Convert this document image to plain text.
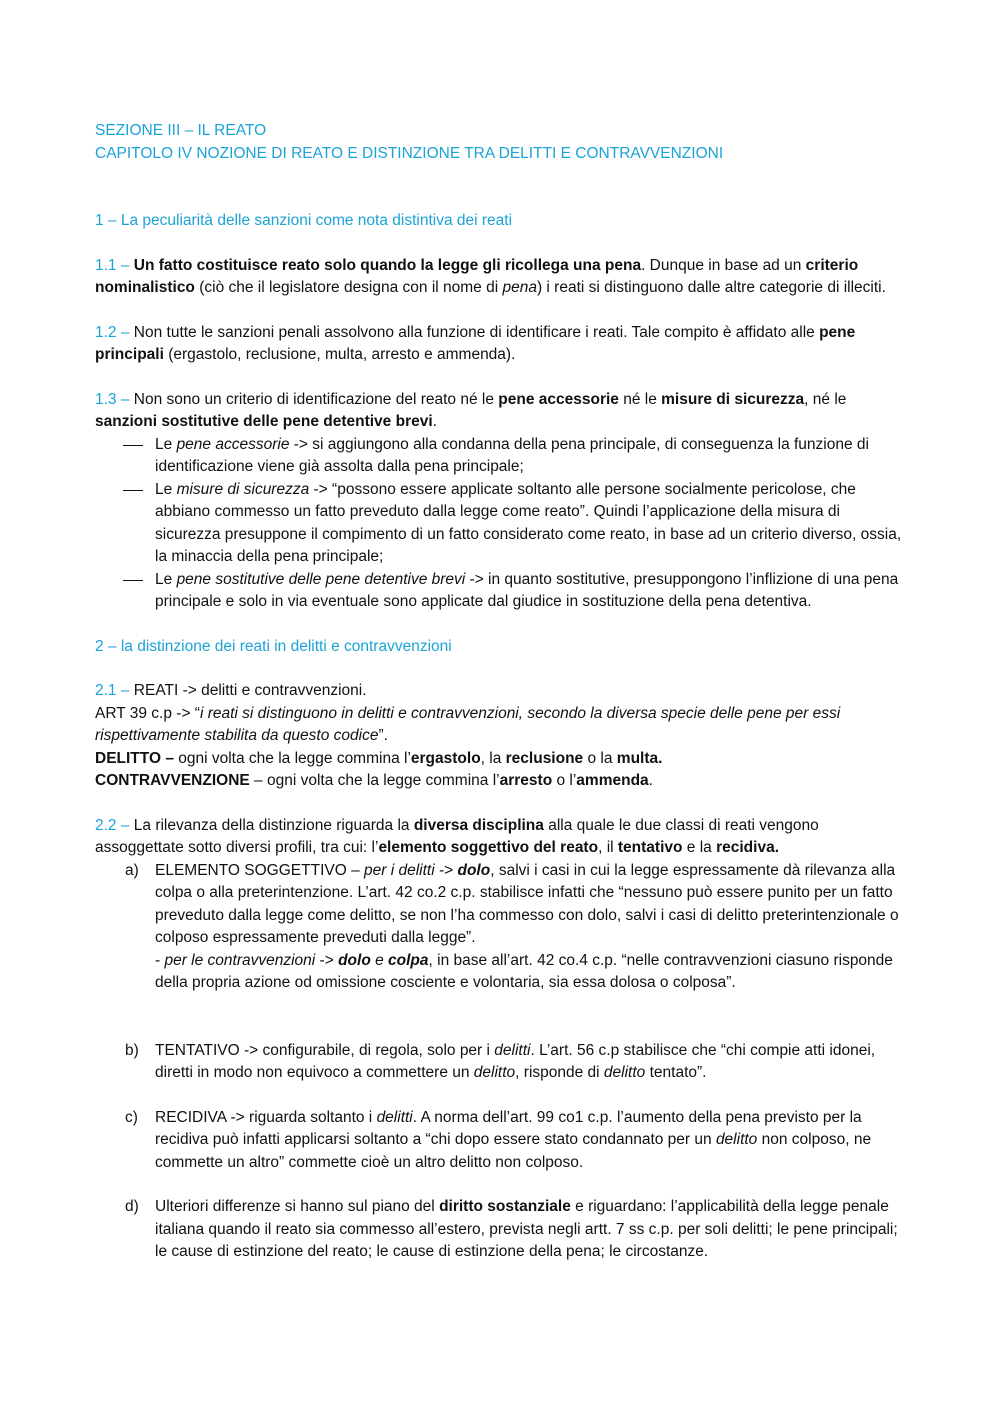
SEZIONE III – IL REATO

CAPITOLO IV NOZIONE DI REATO E DISTINZIONE TRA DELITTI E CONTRAVVENZIONI

1 – La peculiarità delle sanzioni come nota distintiva dei reati

1.1 – Un fatto costituisce reato solo quando la legge gli ricollega una pena. Dunque in base ad un criterio nominalistico (ciò che il legislatore designa con il nome di pena) i reati si distinguono dalle altre categorie di illeciti.

1.2 – Non tutte le sanzioni penali assolvono alla funzione di identificare i reati. Tale compito è affidato alle pene principali (ergastolo, reclusione, multa, arresto e ammenda).

1.3 – Non sono un criterio di identificazione del reato né le pene accessorie né le misure di sicurezza, né le sanzioni sostitutive delle pene detentive brevi.

Le pene accessorie -> si aggiungono alla condanna della pena principale, di conseguenza la funzione di identificazione viene già assolta dalla pena principale;
Le misure di sicurezza -> “possono essere applicate soltanto alle persone socialmente pericolose, che abbiano commesso un fatto preveduto dalla legge come reato”. Quindi l’applicazione della misura di sicurezza presuppone il compimento di un fatto considerato come reato, in base ad un criterio diverso, ossia, la minaccia della pena principale;
Le pene sostitutive delle pene detentive brevi -> in quanto sostitutive, presuppongono l’inflizione di una pena principale e solo in via eventuale sono applicate dal giudice in sostituzione della pena detentiva.

2 – la distinzione dei reati in delitti e contravvenzioni

2.1 – REATI -> delitti e contravvenzioni.

ART 39 c.p -> “i reati si distinguono in delitti e contravvenzioni, secondo la diversa specie delle pene per essi rispettivamente stabilita da questo codice”.

DELITTO – ogni volta che la legge commina l’ergastolo, la reclusione o la multa.

CONTRAVVENZIONE – ogni volta che la legge commina l’arresto o l’ammenda.

2.2 – La rilevanza della distinzione riguarda la diversa disciplina alla quale le due classi di reati vengono assoggettate sotto diversi profili, tra cui: l’elemento soggettivo del reato, il tentativo e la recidiva.

a) ELEMENTO SOGGETTIVO – per i delitti -> dolo, salvi i casi in cui la legge espressamente dà rilevanza alla colpa o alla preterintenzione. L’art. 42 co.2 c.p. stabilisce infatti che “nessuno può essere punito per un fatto preveduto dalla legge come delitto, se non l’ha commesso con dolo, salvi i casi di delitto preterintenzionale o colposo espressamente preveduti dalla legge”.
- per le contravvenzioni -> dolo e colpa, in base all’art. 42 co.4 c.p. “nelle contravvenzioni ciasuno risponde della propria azione od omissione cosciente e volontaria, sia essa dolosa o colposa”.
b) TENTATIVO -> configurabile, di regola, solo per i delitti. L’art. 56 c.p stabilisce che “chi compie atti idonei, diretti in modo non equivoco a commettere un delitto, risponde di delitto tentato”.
c) RECIDIVA -> riguarda soltanto i delitti. A norma dell’art. 99 co1 c.p. l’aumento della pena previsto per la recidiva può infatti applicarsi soltanto a “chi dopo essere stato condannato per un delitto non colposo, ne commette un altro” commette cioè un altro delitto non colposo.
d) Ulteriori differenze si hanno sul piano del diritto sostanziale e riguardano: l’applicabilità della legge penale italiana quando il reato sia commesso all’estero, prevista negli artt. 7 ss c.p. per soli delitti; le pene principali; le cause di estinzione del reato; le cause di estinzione della pena; le circostanze.
